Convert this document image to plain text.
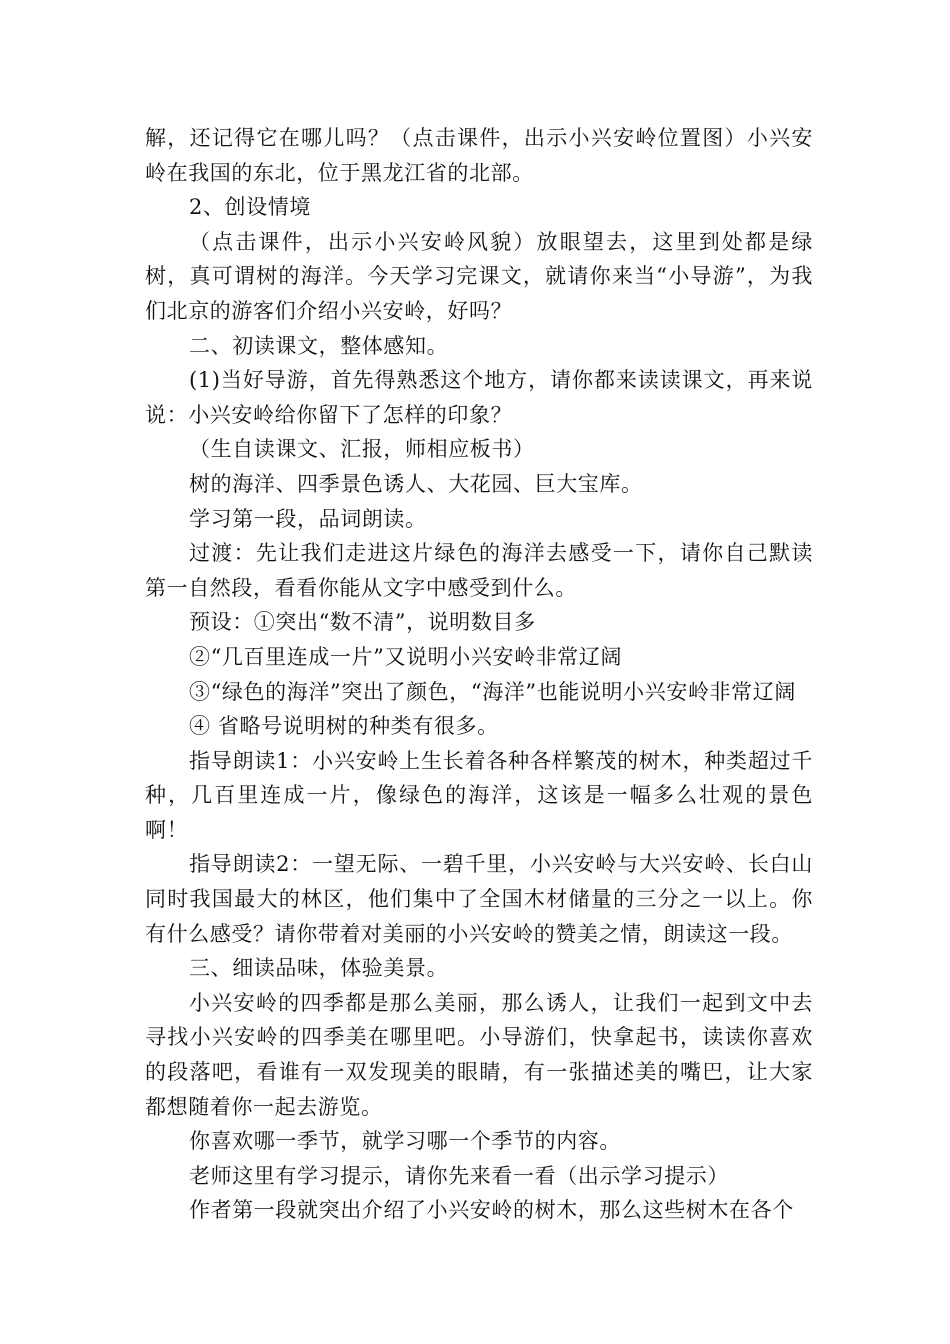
解，还记得它在哪儿吗？（点击课件，出示小兴安岭位置图）小兴安岭在我国的东北，位于黑龙江省的北部。

2、创设情境

（点击课件，出示小兴安岭风貌）放眼望去，这里到处都是绿树，真可谓树的海洋。今天学习完课文，就请你来当“小导游”，为我们北京的游客们介绍小兴安岭，好吗？

二、初读课文，整体感知。

(1)当好导游，首先得熟悉这个地方，请你都来读读课文，再来说说：小兴安岭给你留下了怎样的印象？

（生自读课文、汇报，师相应板书）

树的海洋、四季景色诱人、大花园、巨大宝库。

学习第一段，品词朗读。

过渡：先让我们走进这片绿色的海洋去感受一下，请你自己默读第一自然段，看看你能从文字中感受到什么。

预设：①突出“数不清”，说明数目多

②“几百里连成一片”又说明小兴安岭非常辽阔

③“绿色的海洋”突出了颜色，“海洋”也能说明小兴安岭非常辽阔

④ 省略号说明树的种类有很多。

指导朗读1：小兴安岭上生长着各种各样繁茂的树木，种类超过千种，几百里连成一片，像绿色的海洋，这该是一幅多么壮观的景色啊！

指导朗读2：一望无际、一碧千里，小兴安岭与大兴安岭、长白山同时我国最大的林区，他们集中了全国木材储量的三分之一以上。你有什么感受？请你带着对美丽的小兴安岭的赞美之情，朗读这一段。

三、细读品味，体验美景。

小兴安岭的四季都是那么美丽，那么诱人，让我们一起到文中去寻找小兴安岭的四季美在哪里吧。小导游们，快拿起书，读读你喜欢的段落吧，看谁有一双发现美的眼睛，有一张描述美的嘴巴，让大家都想随着你一起去游览。

你喜欢哪一季节，就学习哪一个季节的内容。

老师这里有学习提示，请你先来看一看（出示学习提示）

作者第一段就突出介绍了小兴安岭的树木，那么这些树木在各个
